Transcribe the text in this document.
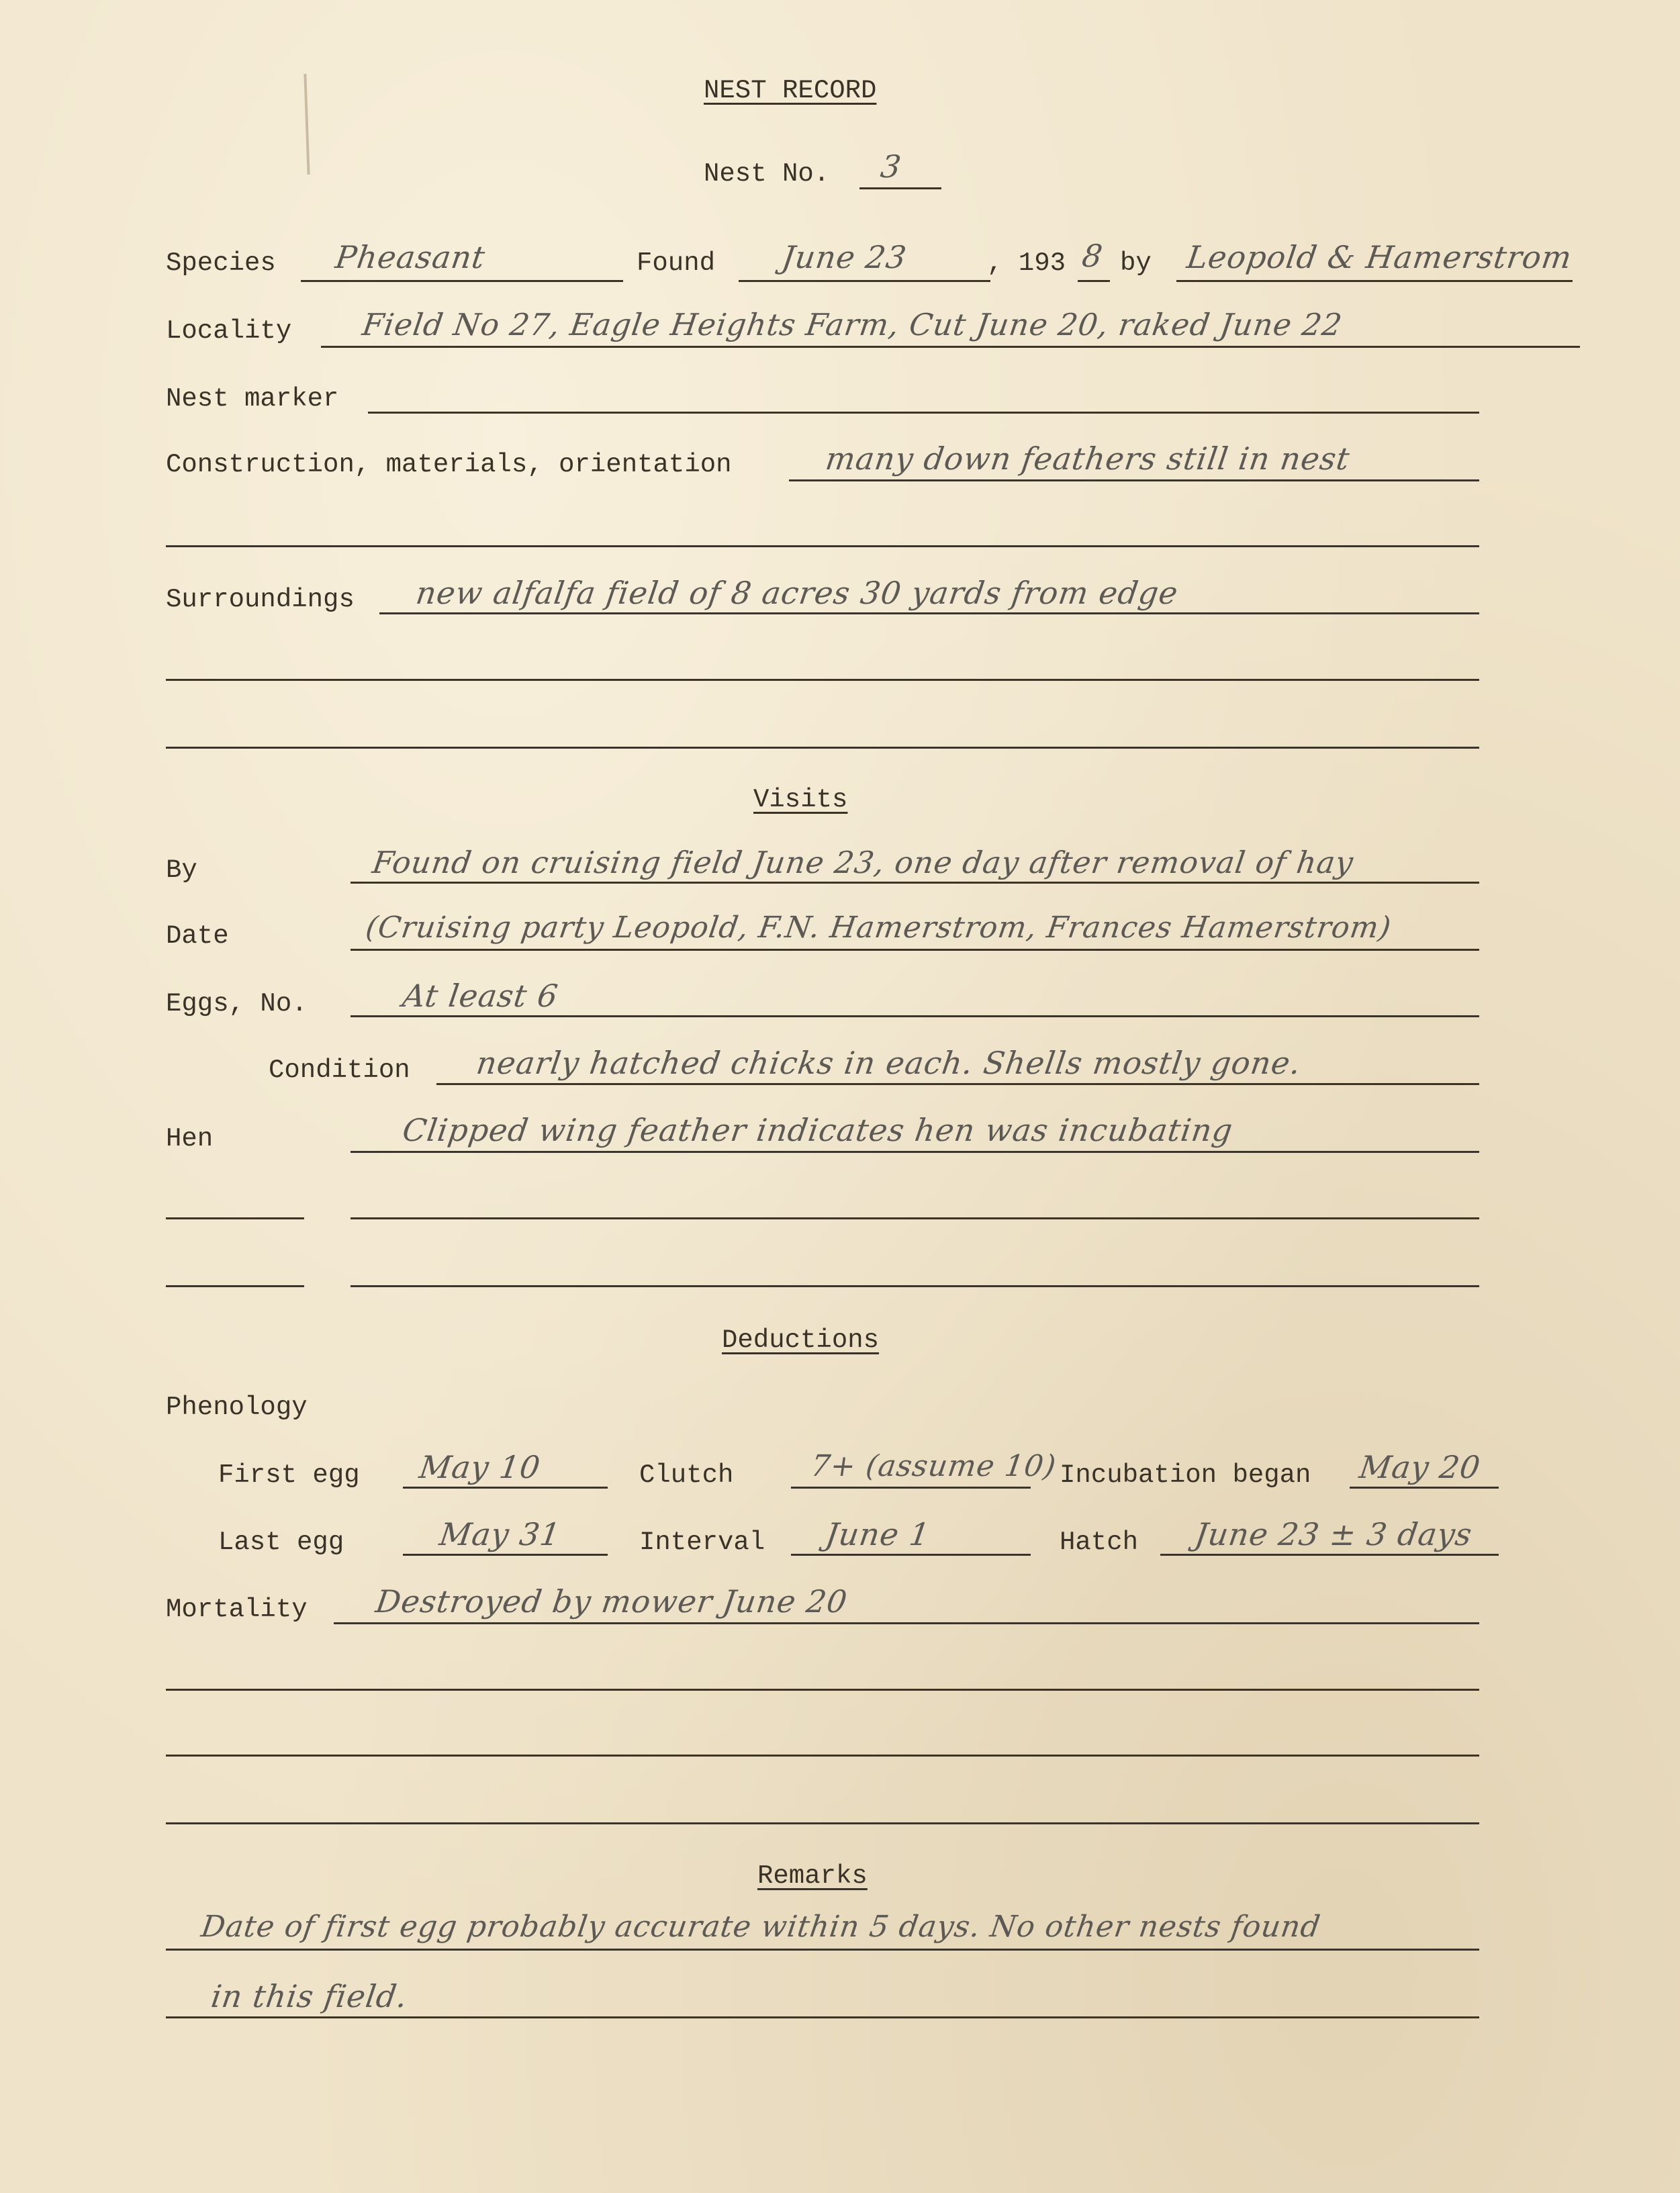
NEST RECORD
Nest No. 3
Species Pheasant	Found June 23	, 193 8 by Leopold & Hamerstrom
Locality Field No 27, Eagle Heights Farm, Cut June 20, raked June 22
Nest marker
Construction, materials, orientation	many down feathers still in nest
Surroundings new alfalfa field of 8 acres 30 yards from edge
Visits
By	Found on cruising field June 23, one day after removal of hay
Date	(Cruising party Leopold, F.N. Hamerstrom, Frances Hamerstrom)
Eggs, No.	At least 6
Condition nearly hatched chicks in each. Shells mostly gone.
Hen	Clipped wing feather indicates hen was incubating
Deductions
Phenology
First egg May 10	Clutch	7+ (assume 10) Incubation began May 20
Last egg	May 31	Interval June 1	Hatch June 23 ± 3 days
Mortality Destroyed by mower June 20
Remarks
Date of first egg probably accurate within 5 days. No other nests found
in this field.
